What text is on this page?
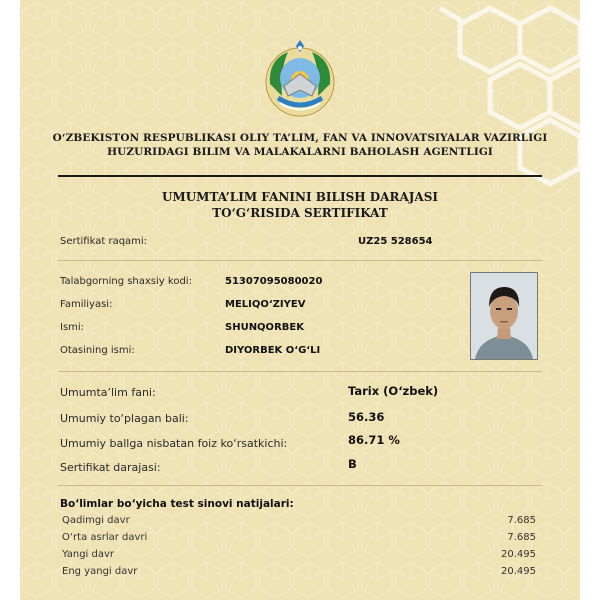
O‘ZBEKISTON RESPUBLIKASI OLIY TA’LIM, FAN VA INNOVATSIYALAR VAZIRLIGI
HUZURIDAGI BILIM VA MALAKALARNI BAHOLASH AGENTLIGI
UMUMTA’LIM FANINI BILISH DARAJASI
TO‘G‘RISIDA SERTIFIKAT
Sertifikat raqami:	UZ25 528654
Talabgorning shaxsiy kodi:	51307095080020
Familiyasi:	MELIQO‘ZIYEV
Ismi:	SHUNQORBEK
Otasining ismi:	DIYORBEK O‘G‘LI
Umumta’lim fani:	Tarix (O‘zbek)
Umumiy to‘plagan bali:	56.36
Umumiy ballga nisbatan foiz ko‘rsatkichi:	86.71 %
Sertifikat darajasi:	B
Bo‘limlar bo‘yicha test sinovi natijalari:
Qadimgi davr	7.685
O‘rta asrlar davri	7.685
Yangi davr	20.495
Eng yangi davr	20.495
